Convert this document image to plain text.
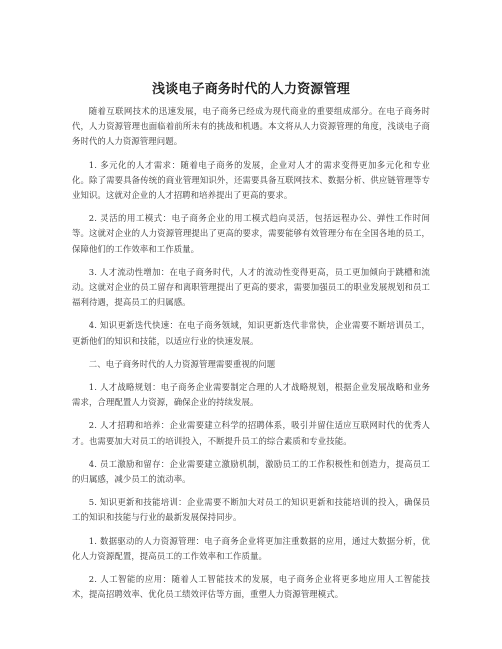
浅谈电子商务时代的人力资源管理

随着互联网技术的迅速发展，电子商务已经成为现代商业的重要组成部分。在电子商务时代，人力资源管理也面临着前所未有的挑战和机遇。本文将从人力资源管理的角度，浅谈电子商务时代的人力资源管理问题。

1. 多元化的人才需求：随着电子商务的发展，企业对人才的需求变得更加多元化和专业化。除了需要具备传统的商业管理知识外，还需要具备互联网技术、数据分析、供应链管理等专业知识。这就对企业的人才招聘和培养提出了更高的要求。

2. 灵活的用工模式：电子商务企业的用工模式趋向灵活，包括远程办公、弹性工作时间等。这就对企业的人力资源管理提出了更高的要求，需要能够有效管理分布在全国各地的员工，保障他们的工作效率和工作质量。

3. 人才流动性增加：在电子商务时代，人才的流动性变得更高，员工更加倾向于跳槽和流动。这就对企业的员工留存和离职管理提出了更高的要求，需要加强员工的职业发展规划和员工福利待遇，提高员工的归属感。

4. 知识更新迭代快速：在电子商务领域，知识更新迭代非常快，企业需要不断培训员工，更新他们的知识和技能，以适应行业的快速发展。

二、电子商务时代的人力资源管理需要重视的问题

1. 人才战略规划：电子商务企业需要制定合理的人才战略规划，根据企业发展战略和业务需求，合理配置人力资源，确保企业的持续发展。

2. 人才招聘和培养：企业需要建立科学的招聘体系，吸引并留住适应互联网时代的优秀人才。也需要加大对员工的培训投入，不断提升员工的综合素质和专业技能。

4. 员工激励和留存：企业需要建立激励机制，激励员工的工作积极性和创造力，提高员工的归属感，减少员工的流动率。

5. 知识更新和技能培训：企业需要不断加大对员工的知识更新和技能培训的投入，确保员工的知识和技能与行业的最新发展保持同步。

1. 数据驱动的人力资源管理：电子商务企业将更加注重数据的应用，通过大数据分析，优化人力资源配置，提高员工的工作效率和工作质量。

2. 人工智能的应用：随着人工智能技术的发展，电子商务企业将更多地应用人工智能技术，提高招聘效率、优化员工绩效评估等方面，重塑人力资源管理模式。
